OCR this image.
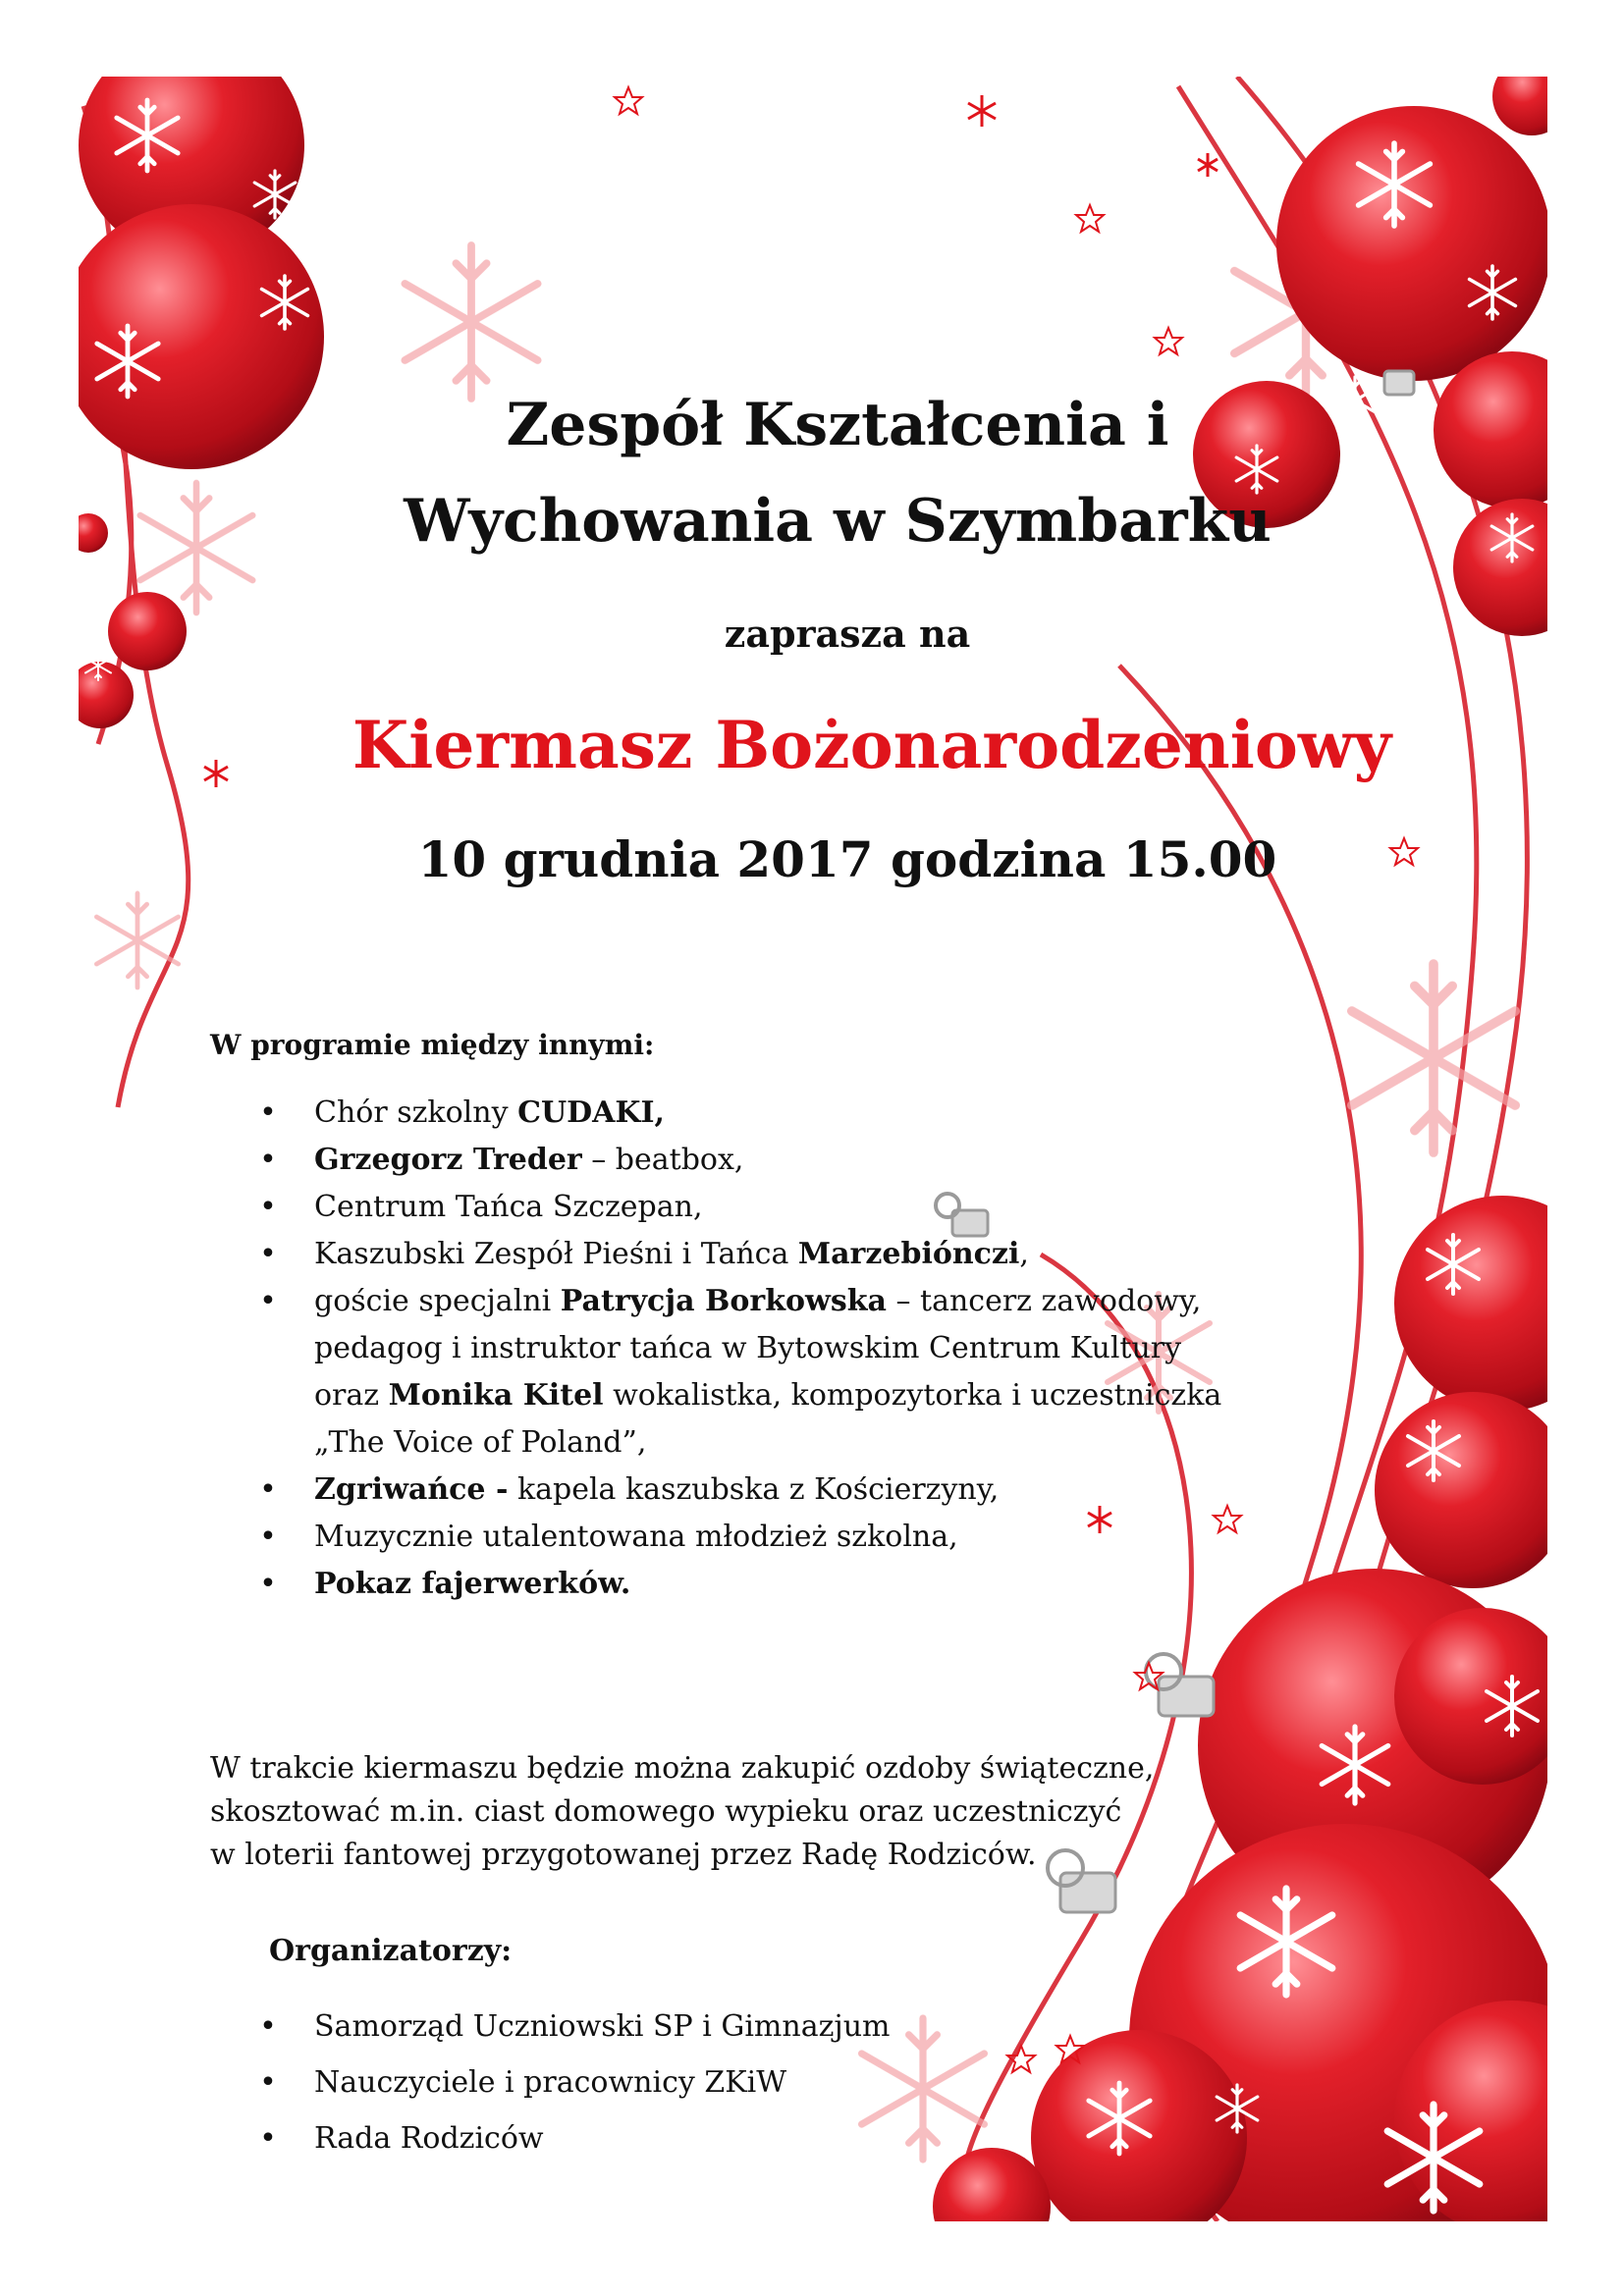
Zespół Kształcenia i
Wychowania w Szymbarku
zaprasza na
Kiermasz Bożonarodzeniowy
10 grudnia 2017 godzina 15.00

W programie między innymi:

• Chór szkolny CUDAKI,
• Grzegorz Treder – beatbox,
• Centrum Tańca Szczepan,
• Kaszubski Zespół Pieśni i Tańca Marzebiónczi,
• goście specjalni Patrycja Borkowska – tancerz zawodowy,
pedagog i instruktor tańca w Bytowskim Centrum Kultury
oraz Monika Kitel wokalistka, kompozytorka i uczestniczka
„The Voice of Poland”,
• Zgriwańce - kapela kaszubska z Kościerzyny,
• Muzycznie utalentowana młodzież szkolna,
• Pokaz fajerwerków.
W trakcie kiermaszu będzie można zakupić ozdoby świąteczne,
skosztować m.in. ciast domowego wypieku oraz uczestniczyć
w loterii fantowej przygotowanej przez Radę Rodziców.
Organizatorzy:
• Samorząd Uczniowski SP i Gimnazjum
• Nauczyciele i pracownicy ZKiW
• Rada Rodziców
